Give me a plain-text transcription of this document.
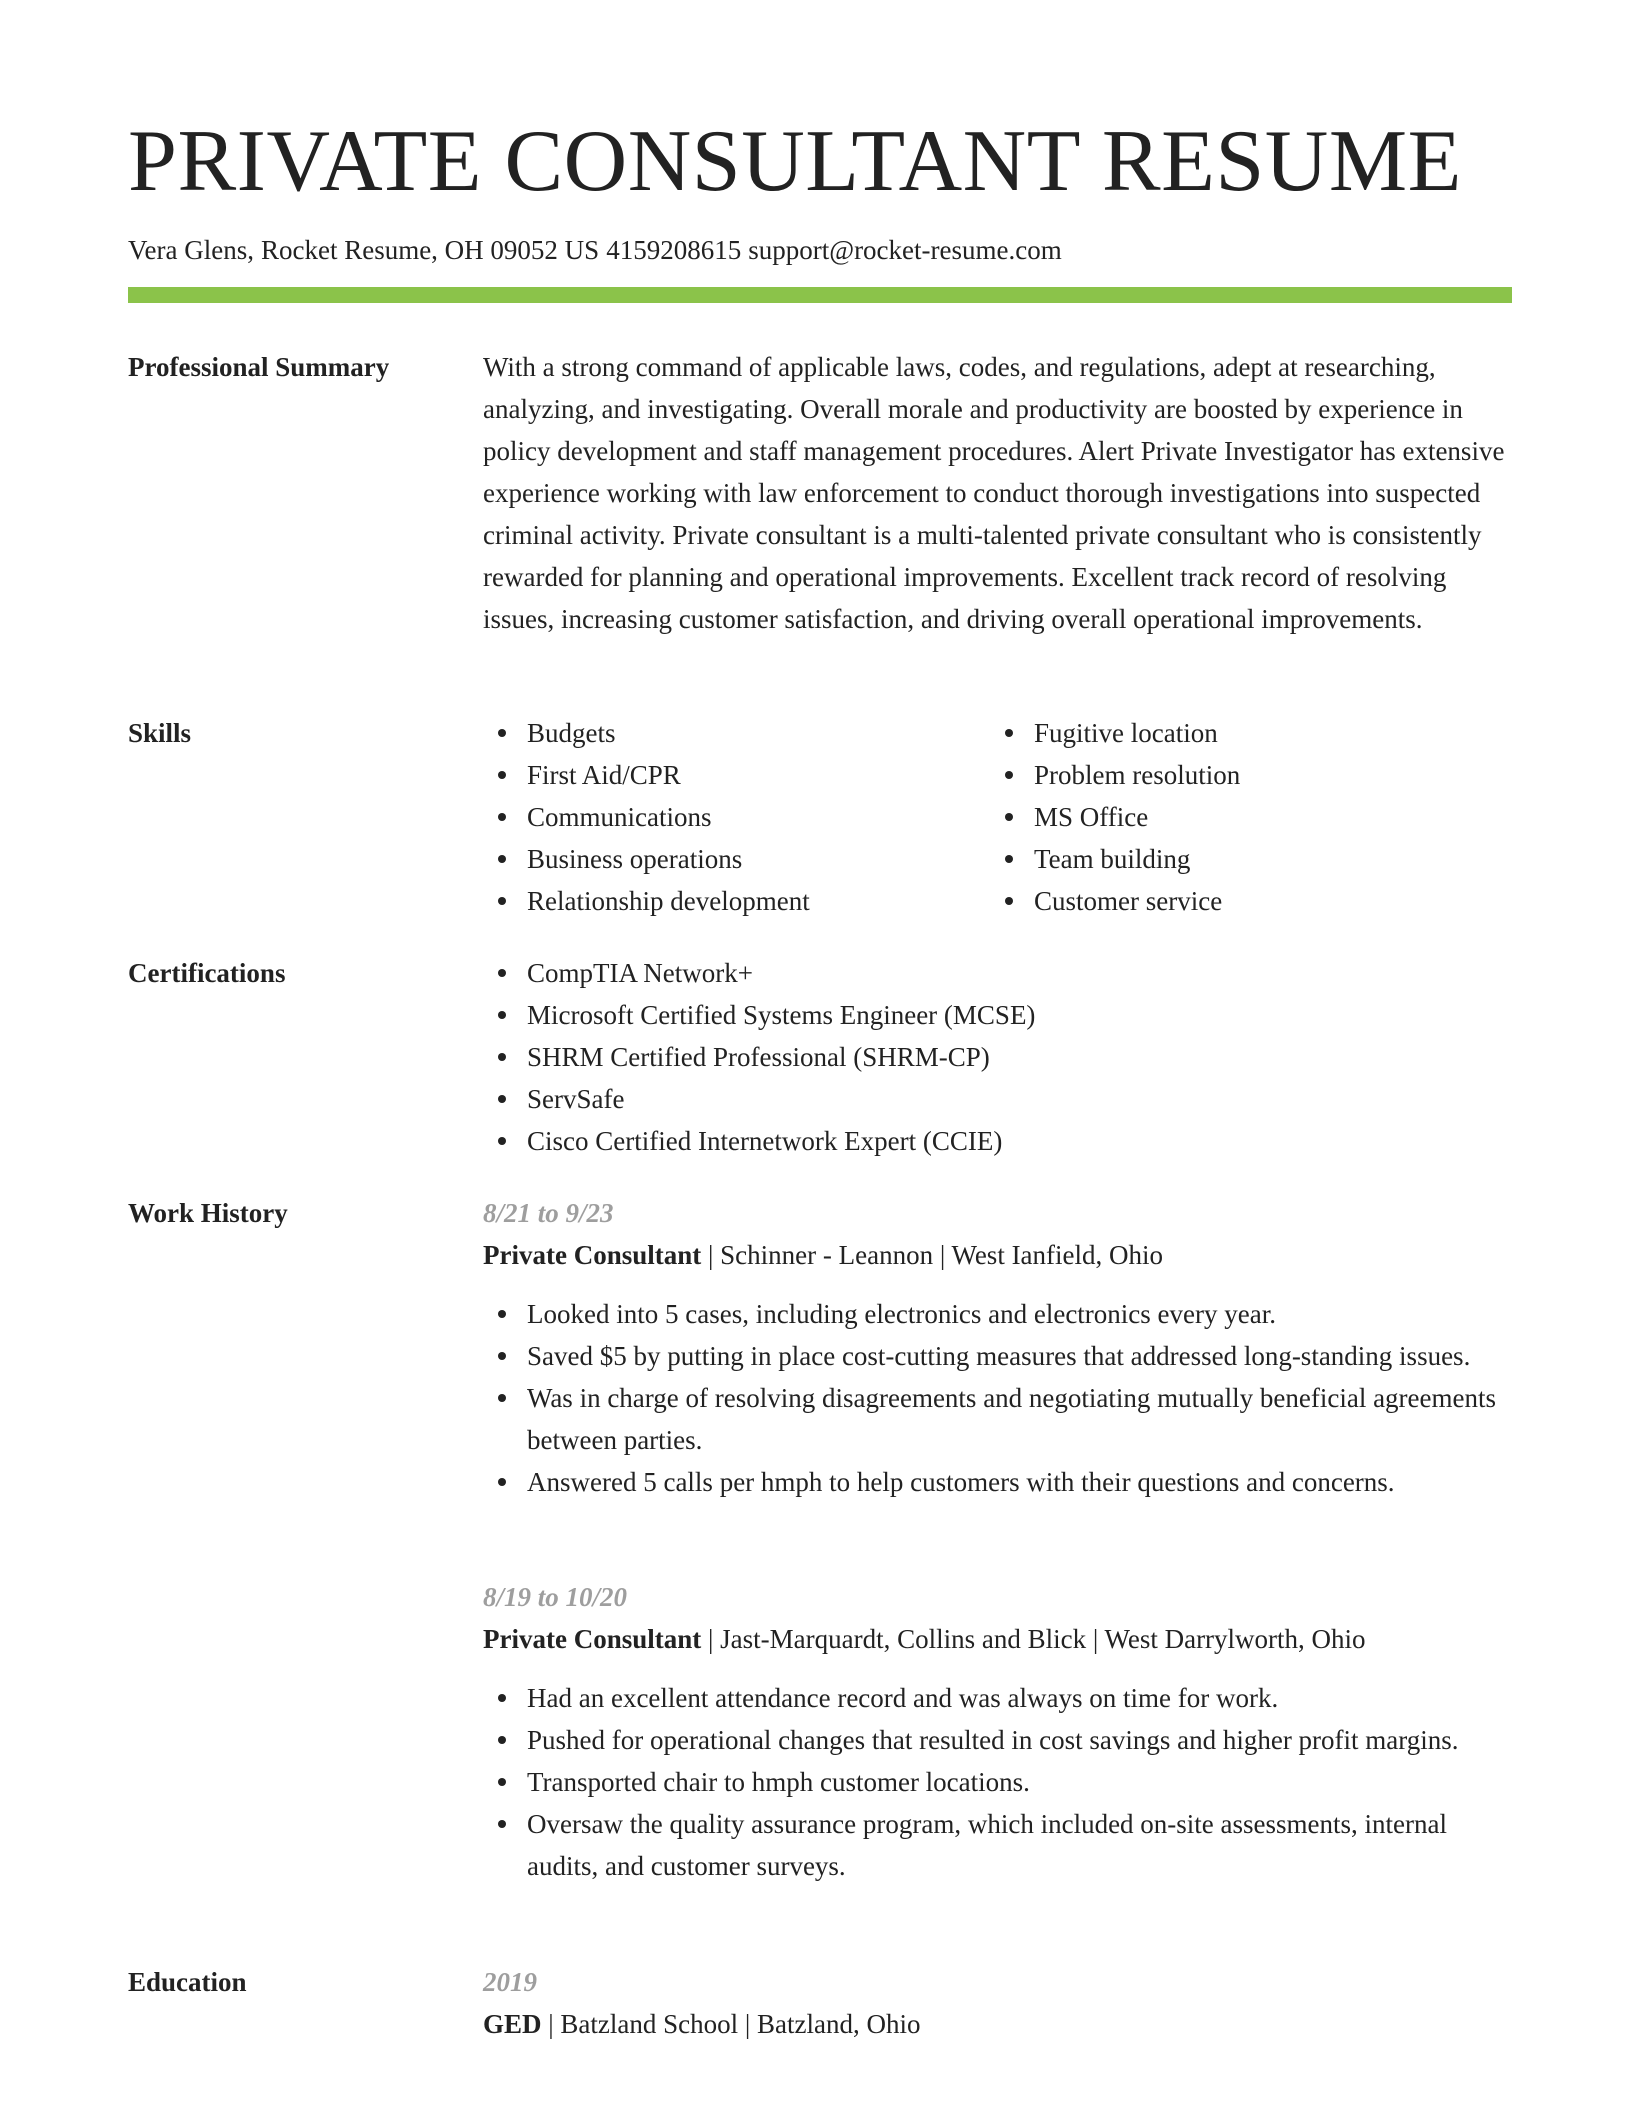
PRIVATE CONSULTANT RESUME
Vera Glens, Rocket Resume, OH 09052 US 4159208615 support@rocket-resume.com
Professional Summary	With a strong command of applicable laws, codes, and regulations, adept at researching, analyzing, and investigating. Overall morale and productivity are boosted by experience in policy development and staff management procedures. Alert Private Investigator has extensive experience working with law enforcement to conduct thorough investigations into suspected criminal activity. Private consultant is a multi-talented private consultant who is consistently rewarded for planning and operational improvements. Excellent track record of resolving issues, increasing customer satisfaction, and driving overall operational improvements.
Skills	Budgets
First Aid/CPR
Communications
Business operations
Relationship development
Fugitive location
Problem resolution
MS Office
Team building
Customer service
Certifications	CompTIA Network+
Microsoft Certified Systems Engineer (MCSE)
SHRM Certified Professional (SHRM-CP)
ServSafe
Cisco Certified Internetwork Expert (CCIE)
Work History	8/21 to 9/23
Private Consultant | Schinner - Leannon | West Ianfield, Ohio
Looked into 5 cases, including electronics and electronics every year.
Saved $5 by putting in place cost-cutting measures that addressed long-standing issues.
Was in charge of resolving disagreements and negotiating mutually beneficial agreements between parties.
Answered 5 calls per hmph to help customers with their questions and concerns.
8/19 to 10/20
Private Consultant | Jast-Marquardt, Collins and Blick | West Darrylworth, Ohio
Had an excellent attendance record and was always on time for work.
Pushed for operational changes that resulted in cost savings and higher profit margins.
Transported chair to hmph customer locations.
Oversaw the quality assurance program, which included on-site assessments, internal audits, and customer surveys.
Education	2019
GED | Batzland School | Batzland, Ohio
